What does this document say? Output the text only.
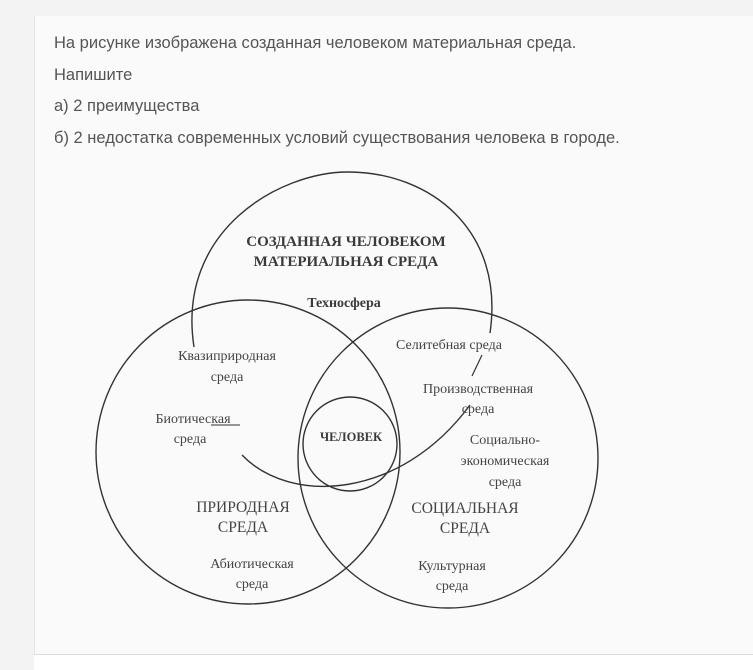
На рисунке изображена созданная человеком материальная среда.
Напишите
а) 2 преимущества
б) 2 недостатка современных условий существования человека в городе.
СОЗДАННАЯ ЧЕЛОВЕКОМ
МАТЕРИАЛЬНАЯ СРЕДА
Техносфера
Квазиприродная
среда
Селитебная среда
Производственная
среда
Биотическая
среда	ЧЕЛОВЕК	Социально-
экономическая
среда
ПРИРОДНАЯ
СРЕДА
СОЦИАЛЬНАЯ
СРЕДА
Абиотическая
среда
Культурная
среда
